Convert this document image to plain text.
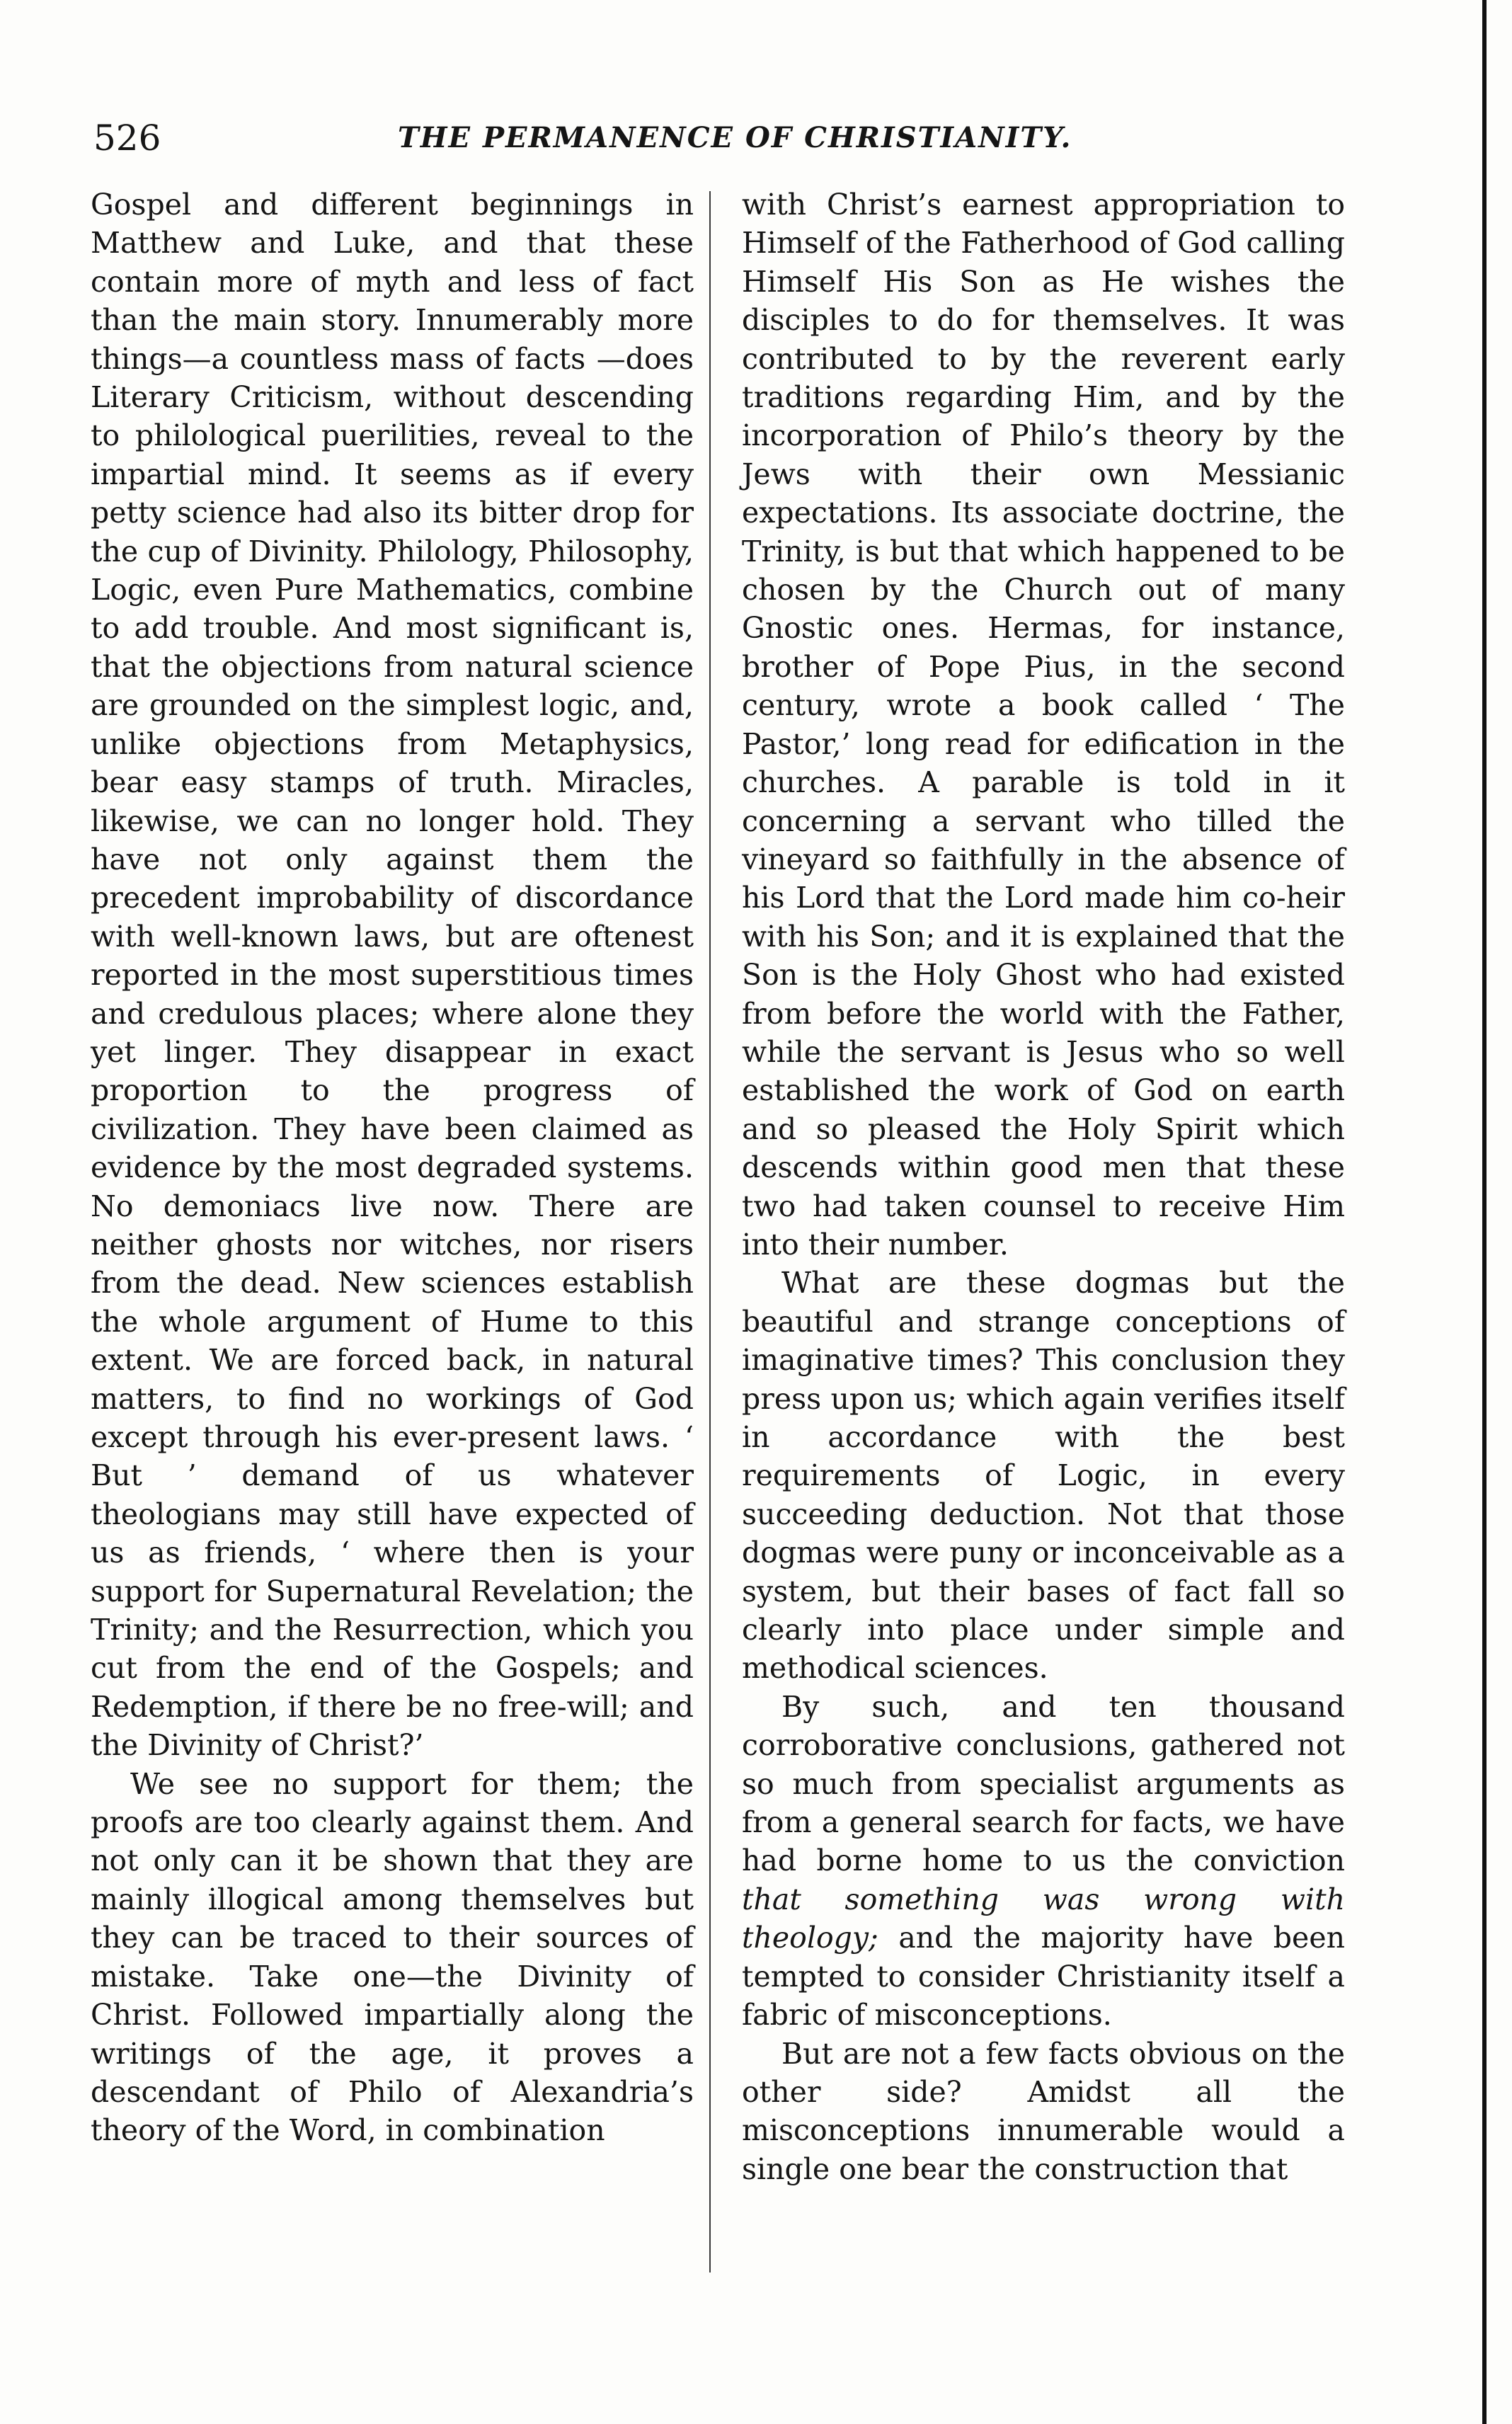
526	THE PERMANENCE OF CHRISTIANITY.

Gospel and different beginnings in Matthew and Luke, and that these contain more of myth and less of fact than the main story. Innumerably more things—a countless mass of facts —does Literary Criticism, without descending to philological puerilities, reveal to the impartial mind. It seems as if every petty science had also its bitter drop for the cup of Divinity. Philology, Philosophy, Logic, even Pure Mathematics, combine to add trouble. And most significant is, that the objections from natural science are grounded on the simplest logic, and, unlike objections from Metaphysics, bear easy stamps of truth. Miracles, likewise, we can no longer hold. They have not only against them the precedent improbability of discordance with well-known laws, but are oftenest reported in the most superstitious times and credulous places; where alone they yet linger. They disappear in exact proportion to the progress of civilization. They have been claimed as evidence by the most degraded systems. No demoniacs live now. There are neither ghosts nor witches, nor risers from the dead. New sciences establish the whole argument of Hume to this extent. We are forced back, in natural matters, to find no workings of God except through his ever-present laws. ‘ But ’ demand of us whatever theologians may still have expected of us as friends, ‘ where then is your support for Supernatural Revelation; the Trinity; and the Resurrection, which you cut from the end of the Gospels; and Redemption, if there be no free-will; and the Divinity of Christ?’

We see no support for them; the proofs are too clearly against them. And not only can it be shown that they are mainly illogical among themselves but they can be traced to their sources of mistake. Take one—the Divinity of Christ. Followed impartially along the writings of the age, it proves a descendant of Philo of Alexandria’s theory of the Word, in combination

with Christ’s earnest appropriation to Himself of the Fatherhood of God calling Himself His Son as He wishes the disciples to do for themselves. It was contributed to by the reverent early traditions regarding Him, and by the incorporation of Philo’s theory by the Jews with their own Messianic expectations. Its associate doctrine, the Trinity, is but that which happened to be chosen by the Church out of many Gnostic ones. Hermas, for instance, brother of Pope Pius, in the second century, wrote a book called ‘ The Pastor,’ long read for edification in the churches. A parable is told in it concerning a servant who tilled the vineyard so faithfully in the absence of his Lord that the Lord made him co-heir with his Son; and it is explained that the Son is the Holy Ghost who had existed from before the world with the Father, while the servant is Jesus who so well established the work of God on earth and so pleased the Holy Spirit which descends within good men that these two had taken counsel to receive Him into their number.

What are these dogmas but the beautiful and strange conceptions of imaginative times? This conclusion they press upon us; which again verifies itself in accordance with the best requirements of Logic, in every succeeding deduction. Not that those dogmas were puny or inconceivable as a system, but their bases of fact fall so clearly into place under simple and methodical sciences.

By such, and ten thousand corroborative conclusions, gathered not so much from specialist arguments as from a general search for facts, we have had borne home to us the conviction that something was wrong with theology; and the majority have been tempted to consider Christianity itself a fabric of misconceptions.

But are not a few facts obvious on the other side? Amidst all the misconceptions innumerable would a single one bear the construction that
